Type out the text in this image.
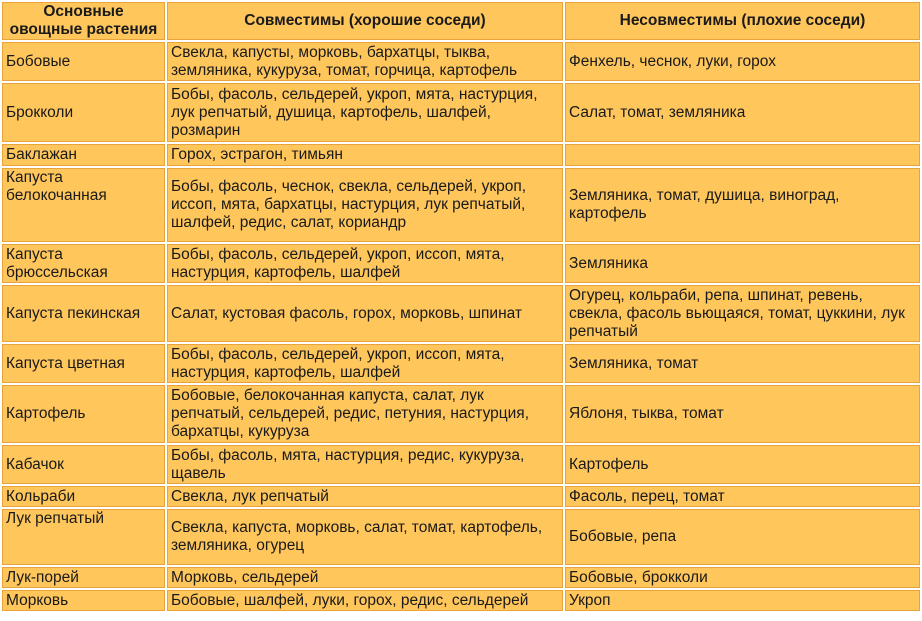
Основные овощные растения	Совместимы (хорошие соседи)	Несовместимы (плохие соседи)
Бобовые	Свекла, капусты, морковь, бархатцы, тыква, земляника, кукуруза, томат, горчица, картофель	Фенхель, чеснок, луки, горох
Брокколи	Бобы, фасоль, сельдерей, укроп, мята, настурция, лук репчатый, душица, картофель, шалфей, розмарин	Салат, томат, земляника
Баклажан	Горох, эстрагон, тимьян	
Капуста белокочанная	Бобы, фасоль, чеснок, свекла, сельдерей, укроп, иссоп, мята, бархатцы, настурция, лук репчатый, шалфей, редис, салат, кориандр	Земляника, томат, душица, виноград, картофель
Капуста брюссельская	Бобы, фасоль, сельдерей, укроп, иссоп, мята, настурция, картофель, шалфей	Земляника
Капуста пекинская	Салат, кустовая фасоль, горох, морковь, шпинат	Огурец, кольраби, репа, шпинат, ревень, свекла, фасоль вьющаяся, томат, цуккини, лук репчатый
Капуста цветная	Бобы, фасоль, сельдерей, укроп, иссоп, мята, настурция, картофель, шалфей	Земляника, томат
Картофель	Бобовые, белокочанная капуста, салат, лук репчатый, сельдерей, редис, петуния, настурция, бархатцы, кукуруза	Яблоня, тыква, томат
Кабачок	Бобы, фасоль, мята, настурция, редис, кукуруза, щавель	Картофель
Кольраби	Свекла, лук репчатый	Фасоль, перец, томат
Лук репчатый	Свекла, капуста, морковь, салат, томат, картофель, земляника, огурец	Бобовые, репа
Лук-порей	Морковь, сельдерей	Бобовые, брокколи
Морковь	Бобовые, шалфей, луки, горох, редис, сельдерей	Укроп
